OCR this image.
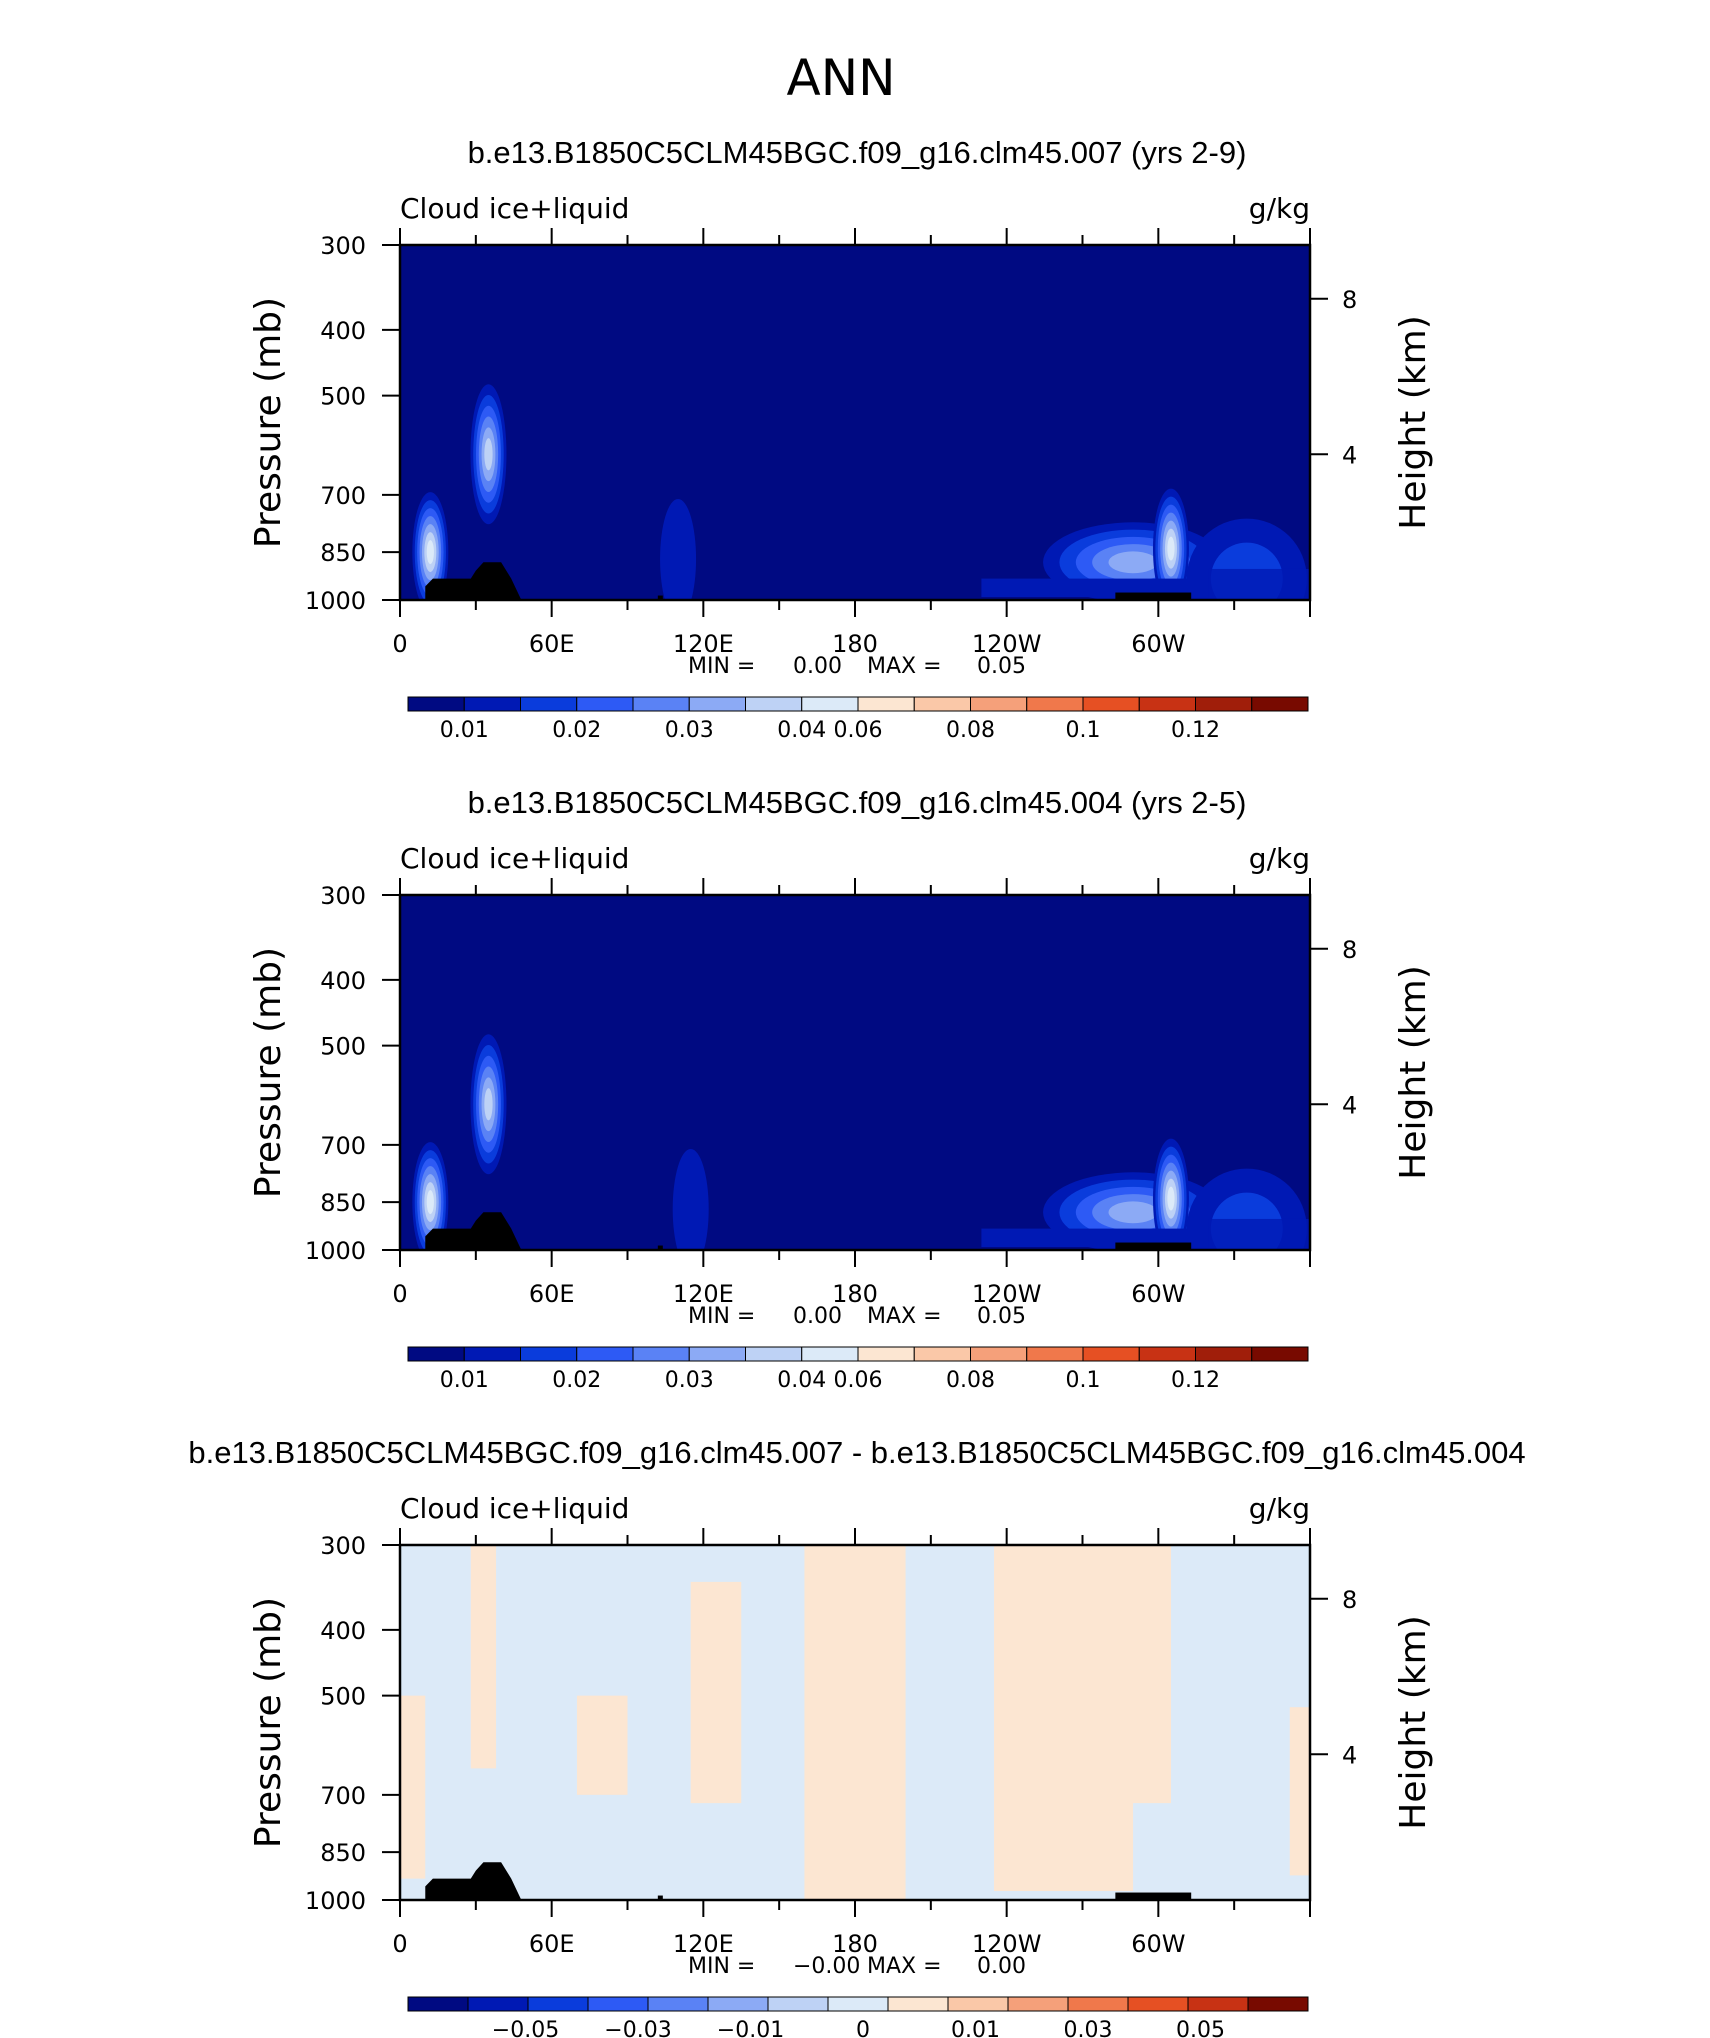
ANN
b.e13.B1850C5CLM45BGC.f09_g16.clm45.007 (yrs 2-9)
Cloud ice+liquid	g/kg
0	60E	120E	180	120W	60W
300
400
500
700
850
1000
8
4
Pressure (mb)	Height (km)
MIN = 0.00 MAX = 0.05
0.01	0.02	0.03	0.04 0.06	0.08	0.1	0.12
b.e13.B1850C5CLM45BGC.f09_g16.clm45.004 (yrs 2-5)
Cloud ice+liquid	g/kg
0	60E	120E	180	120W	60W
300
400
500
700
850
1000
8
4
Pressure (mb)	Height (km)
MIN = 0.00 MAX = 0.05
0.01	0.02	0.03	0.04 0.06	0.08	0.1	0.12
b.e13.B1850C5CLM45BGC.f09_g16.clm45.007 - b.e13.B1850C5CLM45BGC.f09_g16.clm45.004
Cloud ice+liquid	g/kg
0	60E	120E	180	120W	60W
300
400
500
700
850
1000
8
4
Pressure (mb)	Height (km)
MIN = −0.00 MAX = 0.00
−0.05 −0.03 −0.01	0	0.01	0.03	0.05
